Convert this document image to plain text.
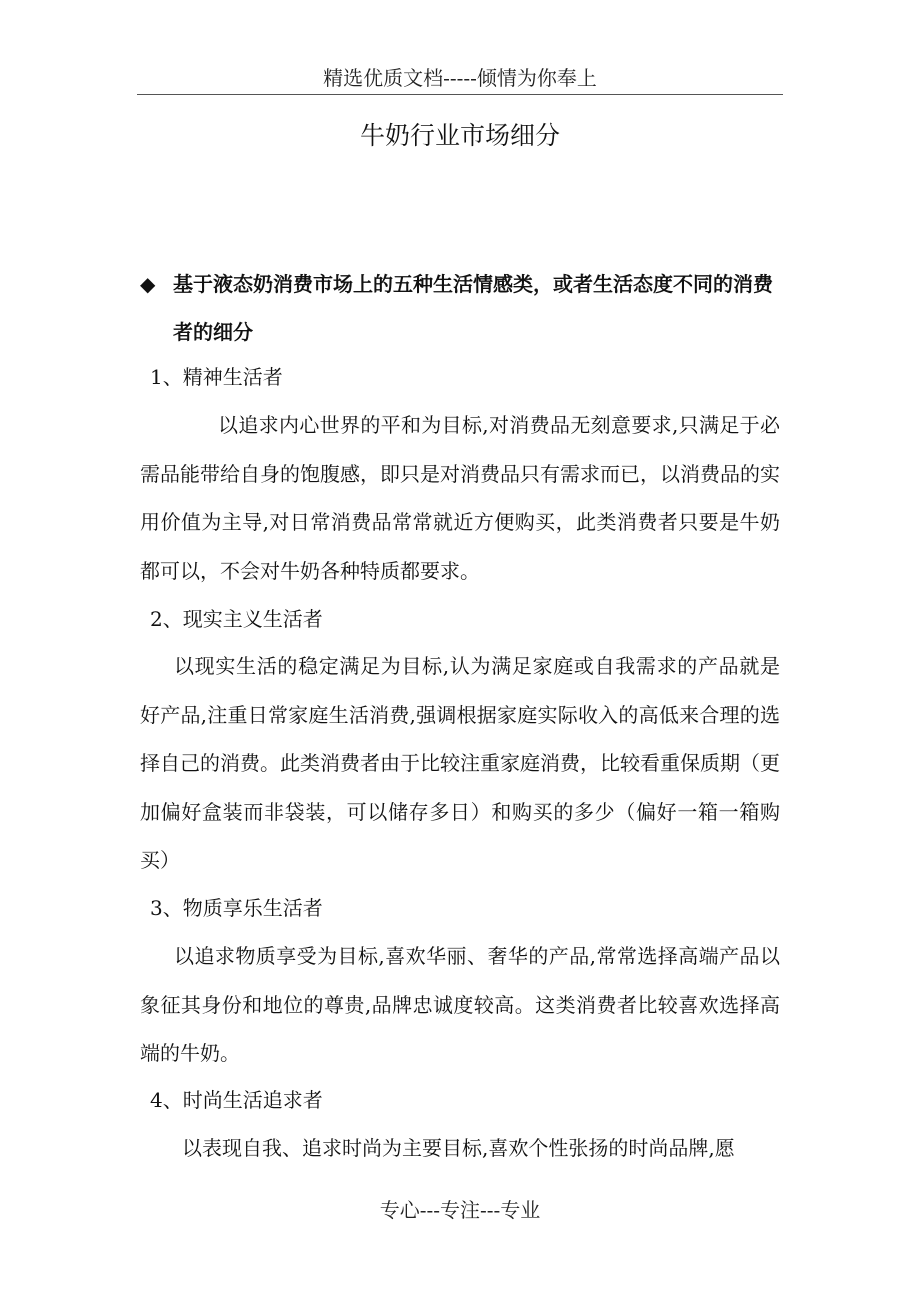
精选优质文档-----倾情为你奉上
牛奶行业市场细分
◆ 基于液态奶消费市场上的五种生活情感类，或者生活态度不同的消费者的细分
1、精神生活者
以追求内心世界的平和为目标,对消费品无刻意要求,只满足于必需品能带给自身的饱腹感，即只是对消费品只有需求而已，以消费品的实用价值为主导,对日常消费品常常就近方便购买，此类消费者只要是牛奶都可以，不会对牛奶各种特质都要求。
2、现实主义生活者
以现实生活的稳定满足为目标,认为满足家庭或自我需求的产品就是好产品,注重日常家庭生活消费,强调根据家庭实际收入的高低来合理的选择自己的消费。此类消费者由于比较注重家庭消费，比较看重保质期（更加偏好盒装而非袋装，可以储存多日）和购买的多少（偏好一箱一箱购买）
3、物质享乐生活者
以追求物质享受为目标,喜欢华丽、奢华的产品,常常选择高端产品以象征其身份和地位的尊贵,品牌忠诚度较高。这类消费者比较喜欢选择高端的牛奶。
4、时尚生活追求者
以表现自我、追求时尚为主要目标,喜欢个性张扬的时尚品牌,愿
专心---专注---专业
